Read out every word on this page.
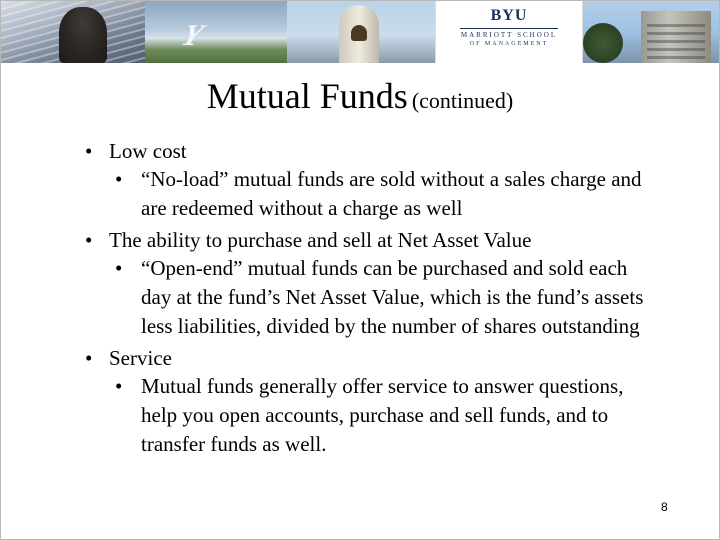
Y
BYU
MARRIOTT SCHOOL
OF MANAGEMENT
Mutual Funds (continued)
• Low cost
• “No-load” mutual funds are sold without a sales charge and are redeemed without a charge as well
• The ability to purchase and sell at Net Asset Value
• “Open-end” mutual funds can be purchased and sold each day at the fund’s Net Asset Value, which is the fund’s assets less liabilities, divided by the number of shares outstanding
• Service
• Mutual funds generally offer service to answer questions, help you open accounts, purchase and sell funds, and to transfer funds as well.
8
